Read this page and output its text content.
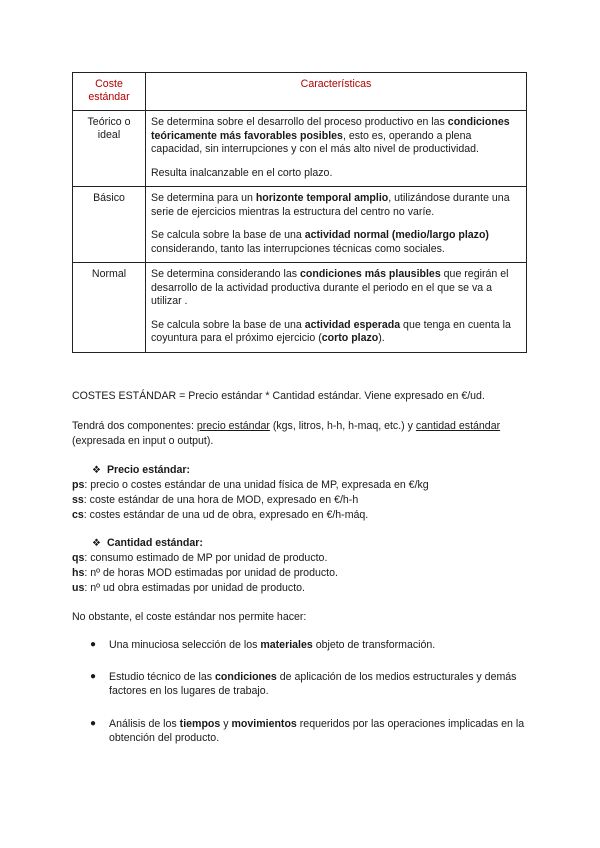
Coste estándar	Características
Teórico o ideal	Se determina sobre el desarrollo del proceso productivo en las condiciones teóricamente más favorables posibles, esto es, operando a plena capacidad, sin interrupciones y con el más alto nivel de productividad.

Resulta inalcanzable en el corto plazo.

Básico	Se determina para un horizonte temporal amplio, utilizándose durante una serie de ejercicios mientras la estructura del centro no varíe.

Se calcula sobre la base de una actividad normal (medio/largo plazo) considerando, tanto las interrupciones técnicas como sociales.

Normal	Se determina considerando las condiciones más plausibles que regirán el desarrollo de la actividad productiva durante el periodo en el que se va a utilizar .

Se calcula sobre la base de una actividad esperada que tenga en cuenta la coyuntura para el próximo ejercicio (corto plazo).

COSTES ESTÁNDAR = Precio estándar * Cantidad estándar. Viene expresado en €/ud.

Tendrá dos componentes: precio estándar (kgs, litros, h-h, h-maq, etc.) y cantidad estándar (expresada en input o output).

❖ Precio estándar:

ps: precio o costes estándar de una unidad física de MP, expresada en €/kg

ss: coste estándar de una hora de MOD, expresado en €/h-h

cs: costes estándar de una ud de obra, expresado en €/h-máq.

❖ Cantidad estándar:

qs: consumo estimado de MP por unidad de producto.

hs: nº de horas MOD estimadas por unidad de producto.

us: nº ud obra estimadas por unidad de producto.

No obstante, el coste estándar nos permite hacer:

● Una minuciosa selección de los materiales objeto de transformación.
● Estudio técnico de las condiciones de aplicación de los medios estructurales y demás factores en los lugares de trabajo.
● Análisis de los tiempos y movimientos requeridos por las operaciones implicadas en la obtención del producto.
